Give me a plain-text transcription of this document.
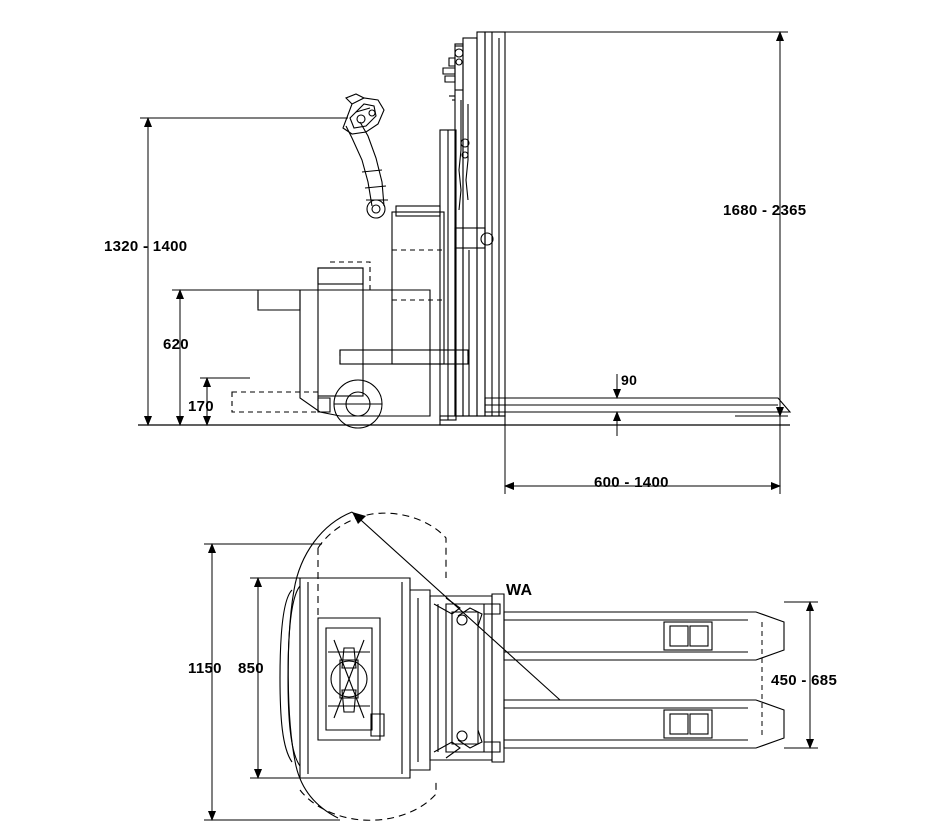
1680 - 2365
1320 - 1400
620
170
90
600 - 1400
1150 850
450 - 685
WA
